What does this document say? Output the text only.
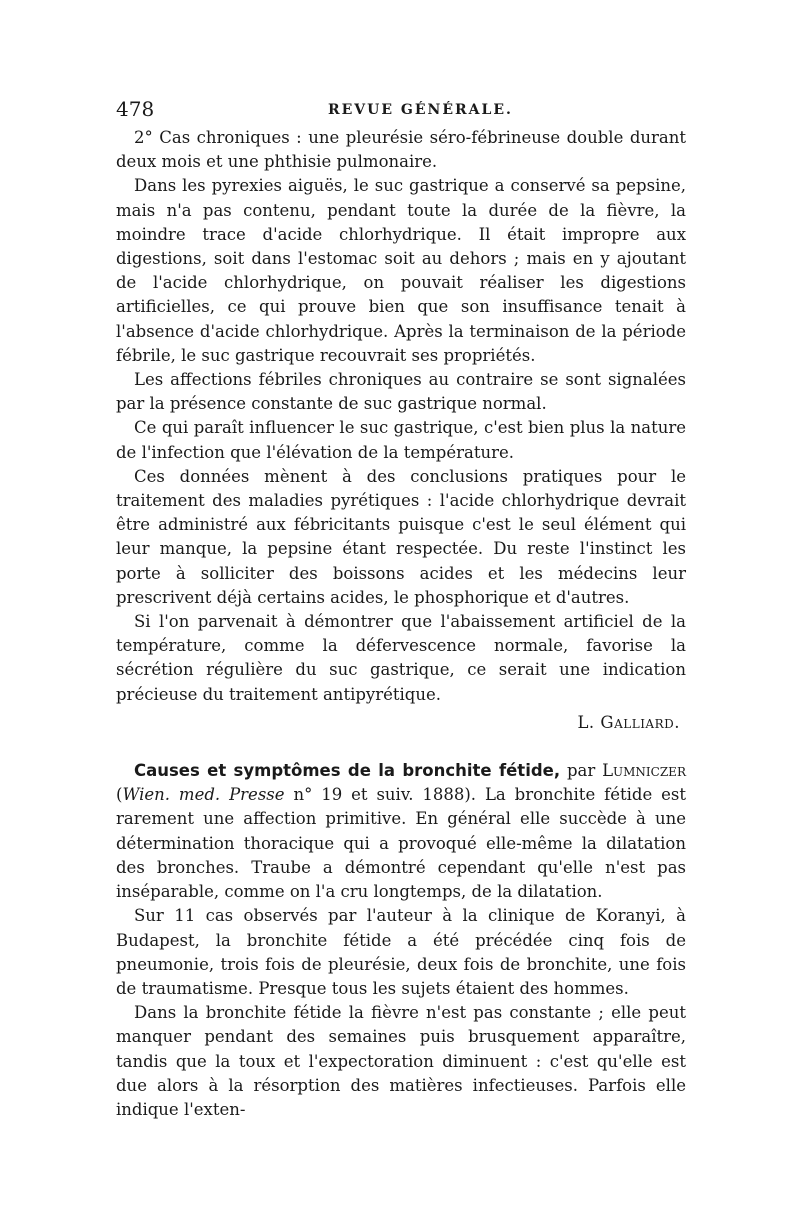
478	REVUE GÉNÉRALE.

2° Cas chroniques : une pleurésie séro-fébrineuse double durant deux mois et une phthisie pulmonaire.

Dans les pyrexies aiguës, le suc gastrique a conservé sa pepsine, mais n'a pas contenu, pendant toute la durée de la fièvre, la moindre trace d'acide chlorhydrique. Il était impropre aux digestions, soit dans l'estomac soit au dehors ; mais en y ajoutant de l'acide chlorhydrique, on pouvait réaliser les digestions artificielles, ce qui prouve bien que son insuffisance tenait à l'absence d'acide chlorhydrique. Après la terminaison de la période fébrile, le suc gastrique recouvrait ses propriétés.

Les affections fébriles chroniques au contraire se sont signalées par la présence constante de suc gastrique normal.

Ce qui paraît influencer le suc gastrique, c'est bien plus la nature de l'infection que l'élévation de la température.

Ces données mènent à des conclusions pratiques pour le traitement des maladies pyrétiques : l'acide chlorhydrique devrait être administré aux fébricitants puisque c'est le seul élément qui leur manque, la pepsine étant respectée. Du reste l'instinct les porte à solliciter des boissons acides et les médecins leur prescrivent déjà certains acides, le phosphorique et d'autres.

Si l'on parvenait à démontrer que l'abaissement artificiel de la température, comme la défervescence normale, favorise la sécrétion régulière du suc gastrique, ce serait une indication précieuse du traitement antipyrétique.

L. Galliard.

Causes et symptômes de la bronchite fétide, par Lumniczer (Wien. med. Presse n° 19 et suiv. 1888). La bronchite fétide est rarement une affection primitive. En général elle succède à une détermination thoracique qui a provoqué elle-même la dilatation des bronches. Traube a démontré cependant qu'elle n'est pas inséparable, comme on l'a cru longtemps, de la dilatation.

Sur 11 cas observés par l'auteur à la clinique de Koranyi, à Budapest, la bronchite fétide a été précédée cinq fois de pneumonie, trois fois de pleurésie, deux fois de bronchite, une fois de traumatisme. Presque tous les sujets étaient des hommes.

Dans la bronchite fétide la fièvre n'est pas constante ; elle peut manquer pendant des semaines puis brusquement apparaître, tandis que la toux et l'expectoration diminuent : c'est qu'elle est due alors à la résorption des matières infectieuses. Parfois elle indique l'exten-
